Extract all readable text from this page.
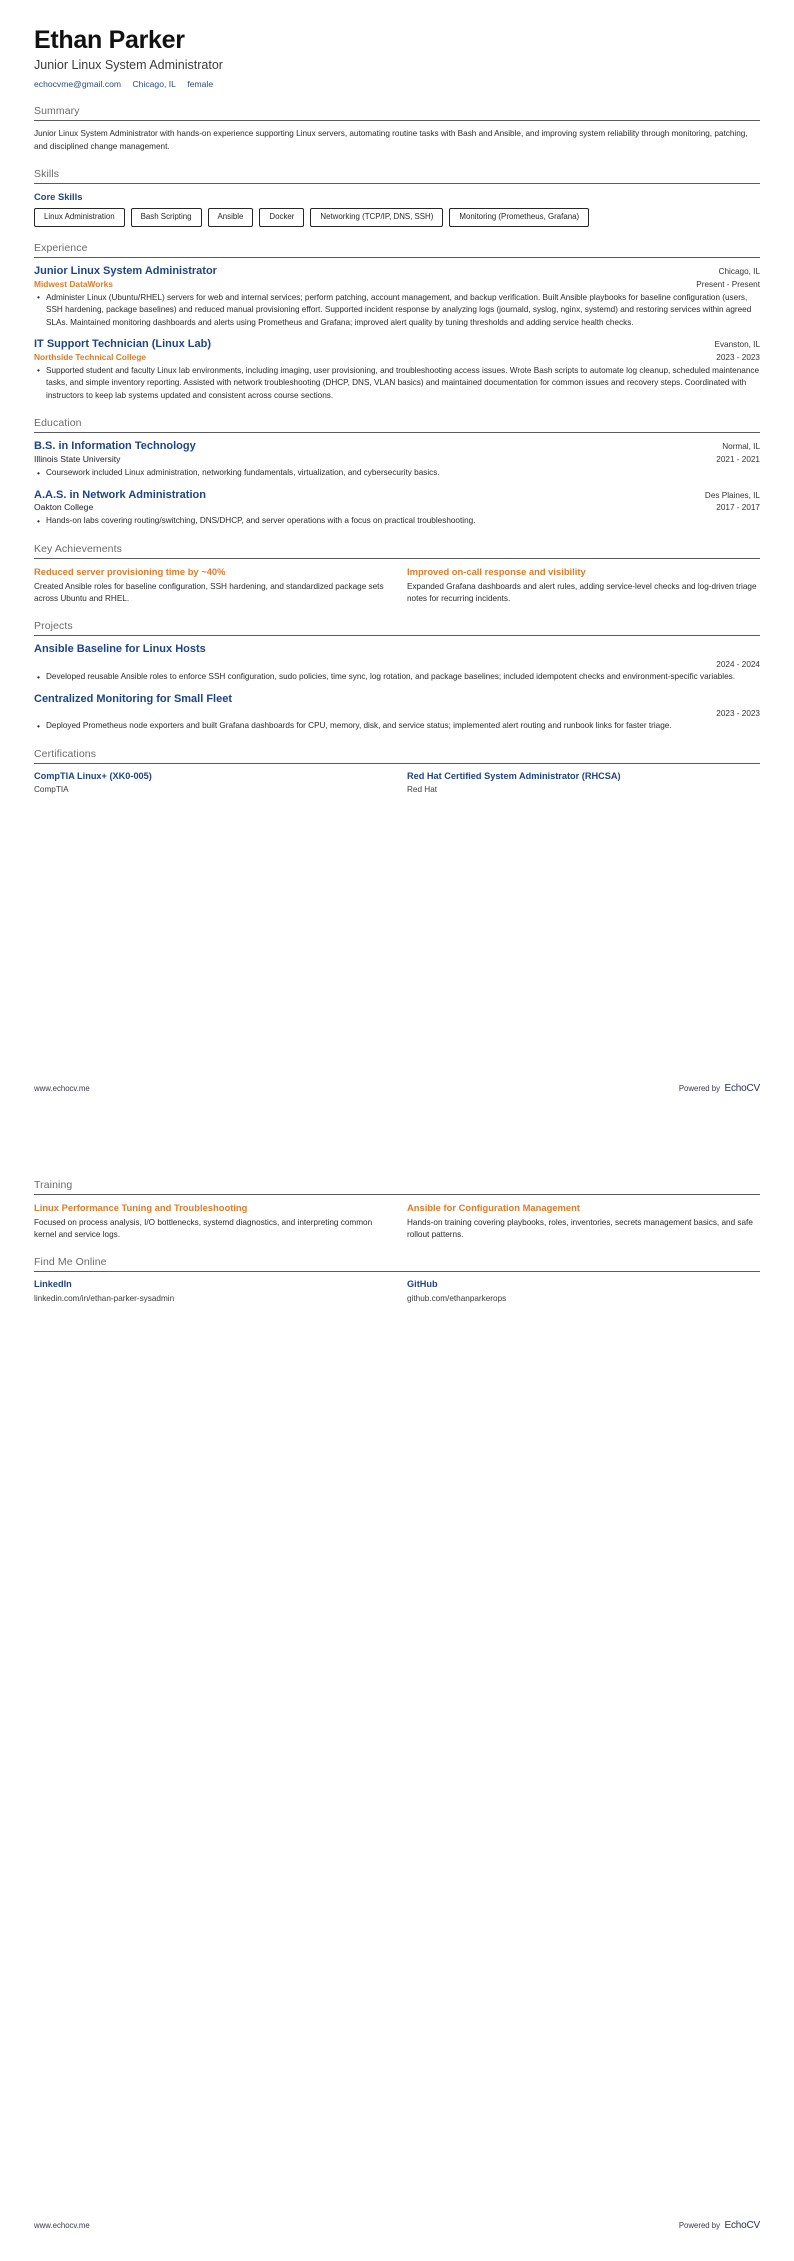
Ethan Parker
Junior Linux System Administrator
echocvme@gmail.com Chicago, IL female
Summary
Junior Linux System Administrator with hands-on experience supporting Linux servers, automating routine tasks with Bash and Ansible, and improving system reliability through monitoring, patching, and disciplined change management.
Skills
Core Skills
Linux Administration	Bash Scripting	Ansible	Docker	Networking (TCP/IP, DNS, SSH)	Monitoring (Prometheus, Grafana)
Experience
Junior Linux System Administrator	Chicago, IL
Midwest DataWorks	Present - Present
• Administer Linux (Ubuntu/RHEL) servers for web and internal services; perform patching, account management, and backup verification. Built Ansible playbooks for baseline configuration (users, SSH hardening, package baselines) and reduced manual provisioning effort. Supported incident response by analyzing logs (journald, syslog, nginx, systemd) and restoring services within agreed SLAs. Maintained monitoring dashboards and alerts using Prometheus and Grafana; improved alert quality by tuning thresholds and adding service health checks.
IT Support Technician (Linux Lab)	Evanston, IL
Northside Technical College	2023 - 2023
• Supported student and faculty Linux lab environments, including imaging, user provisioning, and troubleshooting access issues. Wrote Bash scripts to automate log cleanup, scheduled maintenance tasks, and simple inventory reporting. Assisted with network troubleshooting (DHCP, DNS, VLAN basics) and maintained documentation for common issues and recovery steps. Coordinated with instructors to keep lab systems updated and consistent across course sections.
Education
B.S. in Information Technology	Normal, IL
Illinois State University	2021 - 2021
• Coursework included Linux administration, networking fundamentals, virtualization, and cybersecurity basics.
A.A.S. in Network Administration	Des Plaines, IL
Oakton College	2017 - 2017
• Hands-on labs covering routing/switching, DNS/DHCP, and server operations with a focus on practical troubleshooting.
Key Achievements
Reduced server provisioning time by ~40%
Created Ansible roles for baseline configuration, SSH hardening, and standardized package sets across Ubuntu and RHEL.
Improved on-call response and visibility
Expanded Grafana dashboards and alert rules, adding service-level checks and log-driven triage notes for recurring incidents.
Projects
Ansible Baseline for Linux Hosts
2024 - 2024
• Developed reusable Ansible roles to enforce SSH configuration, sudo policies, time sync, log rotation, and package baselines; included idempotent checks and environment-specific variables.
Centralized Monitoring for Small Fleet
2023 - 2023
• Deployed Prometheus node exporters and built Grafana dashboards for CPU, memory, disk, and service status; implemented alert routing and runbook links for faster triage.
Certifications
CompTIA Linux+ (XK0-005)
CompTIA
Red Hat Certified System Administrator (RHCSA)
Red Hat
www.echocv.me	Powered by EchoCV
Training
Linux Performance Tuning and Troubleshooting
Focused on process analysis, I/O bottlenecks, systemd diagnostics, and interpreting common kernel and service logs.
Ansible for Configuration Management
Hands-on training covering playbooks, roles, inventories, secrets management basics, and safe rollout patterns.
Find Me Online
LinkedIn
linkedin.com/in/ethan-parker-sysadmin
GitHub
github.com/ethanparkerops
www.echocv.me	Powered by EchoCV
